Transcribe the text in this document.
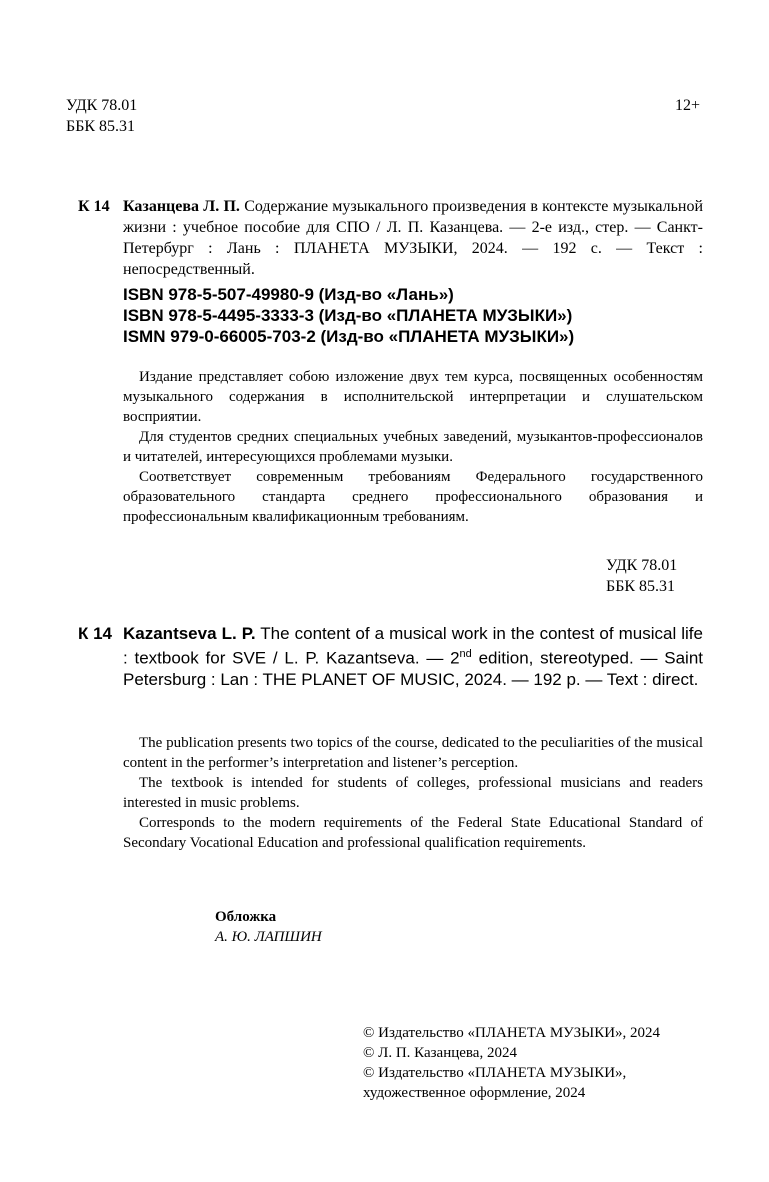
УДК 78.01
ББК 85.31
12+
К 14 Казанцева Л. П. Содержание музыкального произведения в контексте музыкальной жизни : учебное пособие для СПО / Л. П. Казанцева. — 2-е изд., стер. — Санкт-Петербург : Лань : ПЛАНЕТА МУЗЫКИ, 2024. — 192 с. — Текст : непосредственный.
ISBN 978-5-507-49980-9 (Изд-во «Лань»)
ISBN 978-5-4495-3333-3 (Изд-во «ПЛАНЕТА МУЗЫКИ»)
ISMN 979-0-66005-703-2 (Изд-во «ПЛАНЕТА МУЗЫКИ»)

Издание представляет собою изложение двух тем курса, посвященных особенностям музыкального содержания в исполнительской интерпретации и слушательском восприятии.

Для студентов средних специальных учебных заведений, музыкантов-профессионалов и читателей, интересующихся проблемами музыки.

Соответствует современным требованиям Федерального государственного образовательного стандарта среднего профессионального образования и профессиональным квалификационным требованиям.

УДК 78.01
ББК 85.31
К 14 Kazantseva L. P. The content of a musical work in the contest of musical life : textbook for SVE / L. P. Kazantseva. — 2nd edition, stereotyped. — Saint Petersburg : Lan : THE PLANET OF MUSIC, 2024. — 192 p. — Text : direct.

The publication presents two topics of the course, dedicated to the peculiarities of the musical content in the performer’s interpretation and listener’s perception.

The textbook is intended for students of colleges, professional musicians and readers interested in music problems.

Corresponds to the modern requirements of the Federal State Educational Standard of Secondary Vocational Education and professional qualification requirements.

Обложка
А. Ю. ЛАПШИН
© Издательство «ПЛАНЕТА МУЗЫКИ», 2024
© Л. П. Казанцева, 2024
© Издательство «ПЛАНЕТА МУЗЫКИ»,
художественное оформление, 2024
